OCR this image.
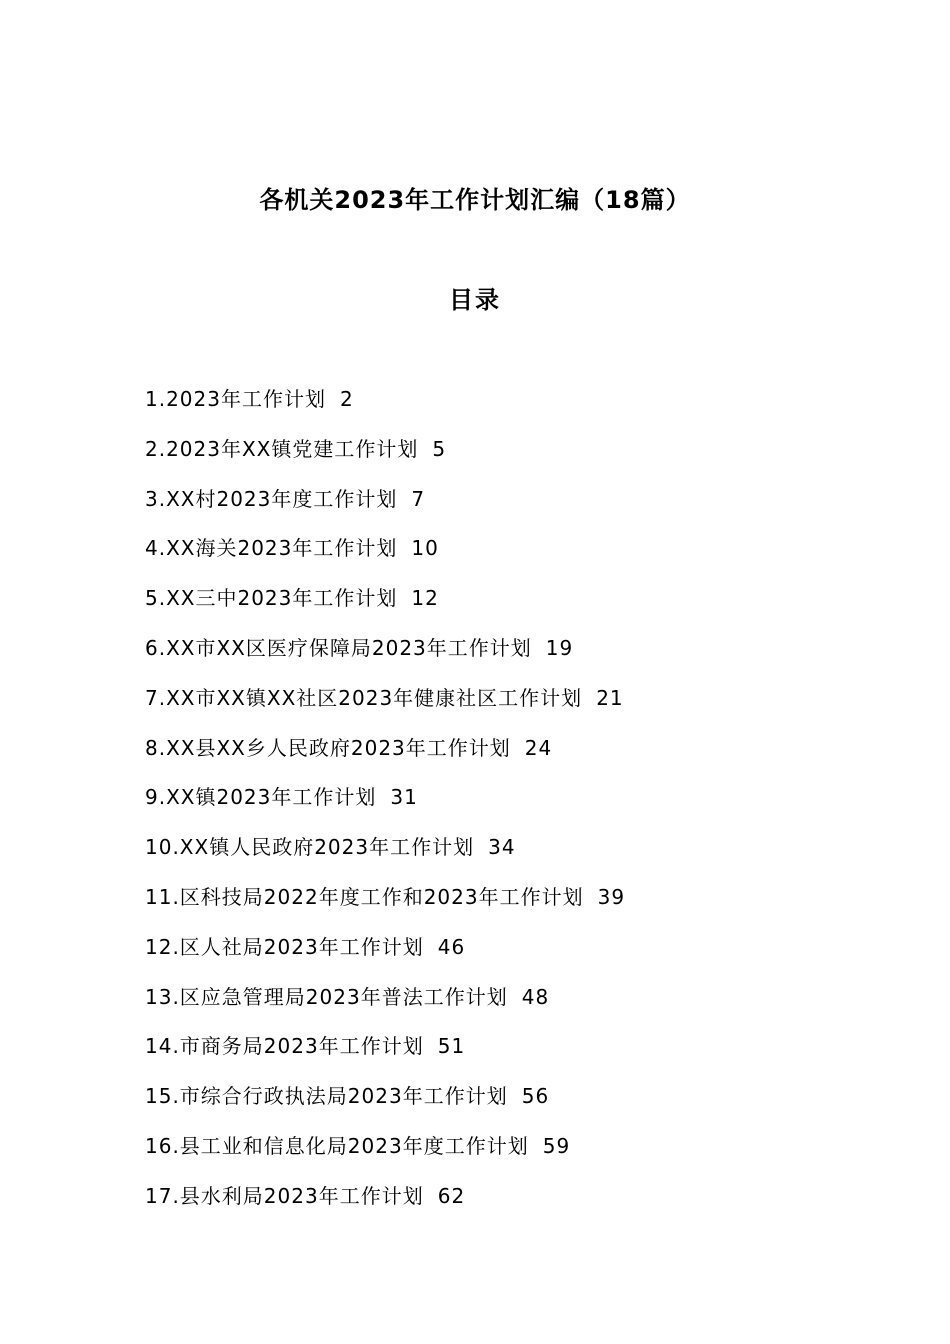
各机关2023年工作计划汇编（18篇）
目录
1.2023年工作计划 2
2.2023年XX镇党建工作计划 5
3.XX村2023年度工作计划 7
4.XX海关2023年工作计划 10
5.XX三中2023年工作计划 12
6.XX市XX区医疗保障局2023年工作计划 19
7.XX市XX镇XX社区2023年健康社区工作计划 21
8.XX县XX乡人民政府2023年工作计划 24
9.XX镇2023年工作计划 31
10.XX镇人民政府2023年工作计划 34
11.区科技局2022年度工作和2023年工作计划 39
12.区人社局2023年工作计划 46
13.区应急管理局2023年普法工作计划 48
14.市商务局2023年工作计划 51
15.市综合行政执法局2023年工作计划 56
16.县工业和信息化局2023年度工作计划 59
17.县水利局2023年工作计划 62
